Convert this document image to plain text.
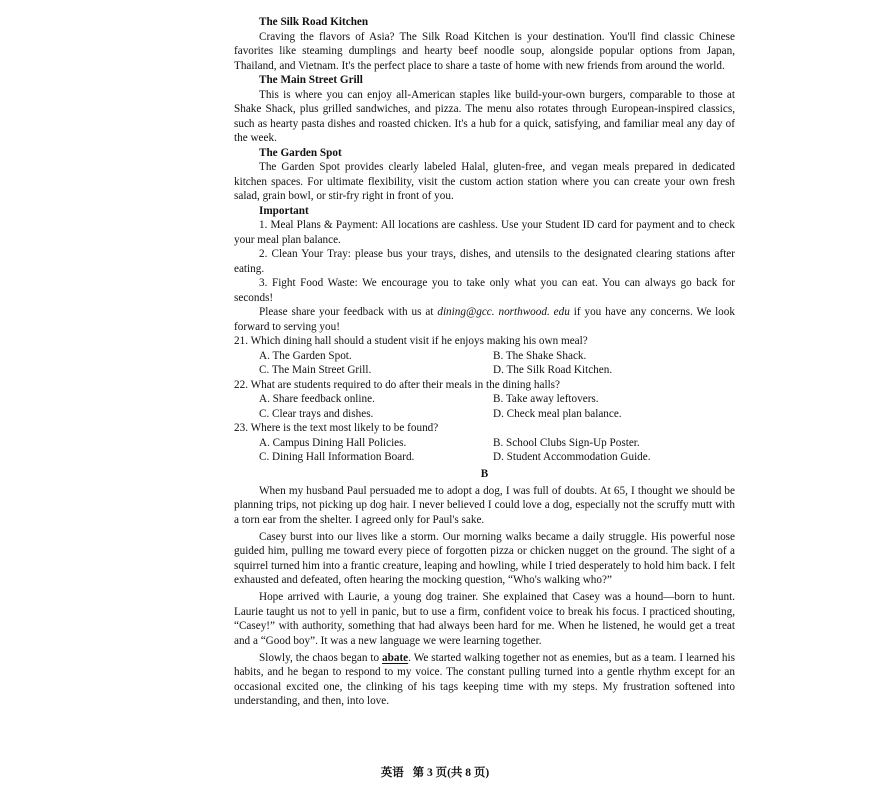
The Silk Road Kitchen

Craving the flavors of Asia? The Silk Road Kitchen is your destination. You'll find classic Chinese favorites like steaming dumplings and hearty beef noodle soup, alongside popular options from Japan, Thailand, and Vietnam. It's the perfect place to share a taste of home with new friends from around the world.

The Main Street Grill

This is where you can enjoy all-American staples like build-your-own burgers, comparable to those at Shake Shack, plus grilled sandwiches, and pizza. The menu also rotates through European-inspired classics, such as hearty pasta dishes and roasted chicken. It's a hub for a quick, satisfying, and familiar meal any day of the week.

The Garden Spot

The Garden Spot provides clearly labeled Halal, gluten-free, and vegan meals prepared in dedicated kitchen spaces. For ultimate flexibility, visit the custom action station where you can create your own fresh salad, grain bowl, or stir-fry right in front of you.

Important

1. Meal Plans & Payment: All locations are cashless. Use your Student ID card for payment and to check your meal plan balance.

2. Clean Your Tray: please bus your trays, dishes, and utensils to the designated clearing stations after eating.

3. Fight Food Waste: We encourage you to take only what you can eat. You can always go back for seconds!

Please share your feedback with us at dining@gcc. northwood. edu if you have any concerns. We look forward to serving you!

21. Which dining hall should a student visit if he enjoys making his own meal?

A. The Garden Spot.	B. The Shake Shack.
C. The Main Street Grill.	D. The Silk Road Kitchen.

22. What are students required to do after their meals in the dining halls?

A. Share feedback online.	B. Take away leftovers.
C. Clear trays and dishes.	D. Check meal plan balance.

23. Where is the text most likely to be found?

A. Campus Dining Hall Policies.	B. School Clubs Sign-Up Poster.
C. Dining Hall Information Board.	D. Student Accommodation Guide.

B

When my husband Paul persuaded me to adopt a dog, I was full of doubts. At 65, I thought we should be planning trips, not picking up dog hair. I never believed I could love a dog, especially not the scruffy mutt with a torn ear from the shelter. I agreed only for Paul's sake.

Casey burst into our lives like a storm. Our morning walks became a daily struggle. His powerful nose guided him, pulling me toward every piece of forgotten pizza or chicken nugget on the ground. The sight of a squirrel turned him into a frantic creature, leaping and howling, while I tried desperately to hold him back. I felt exhausted and defeated, often hearing the mocking question, “Who's walking who?”

Hope arrived with Laurie, a young dog trainer. She explained that Casey was a hound—born to hunt. Laurie taught us not to yell in panic, but to use a firm, confident voice to break his focus. I practiced shouting, “Casey!” with authority, something that had always been hard for me. When he listened, he would get a treat and a “Good boy”. It was a new language we were learning together.

Slowly, the chaos began to abate. We started walking together not as enemies, but as a team. I learned his habits, and he began to respond to my voice. The constant pulling turned into a gentle rhythm except for an occasional excited one, the clinking of his tags keeping time with my steps. My frustration softened into understanding, and then, into love.

英语 第 3 页(共 8 页)
